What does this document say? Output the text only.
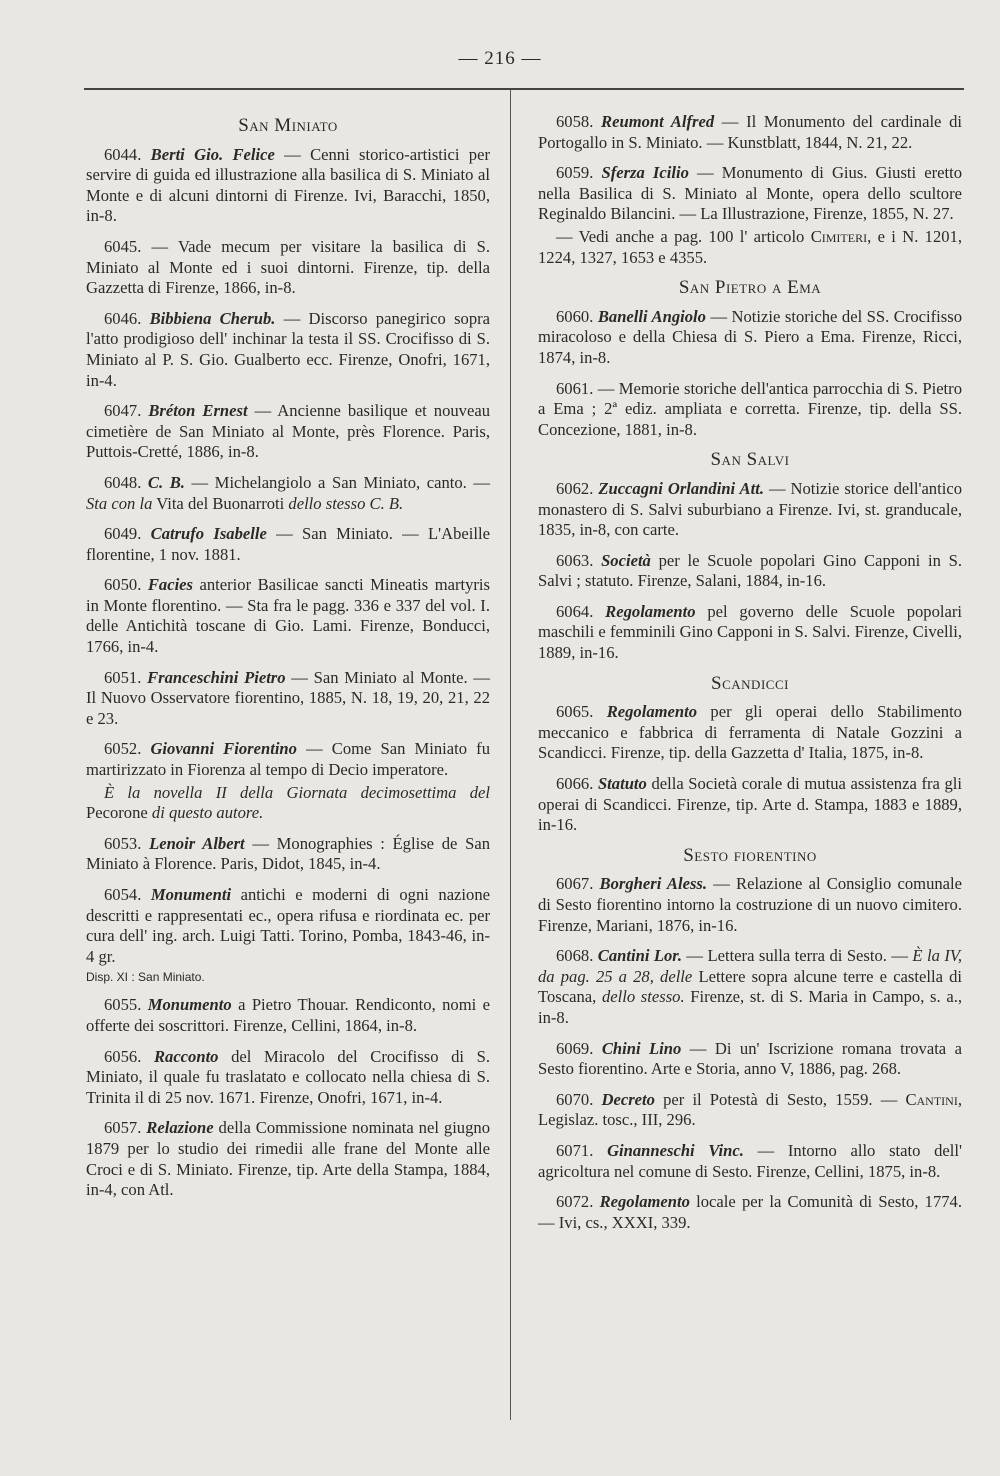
— 216 —
San Miniato

6044. Berti Gio. Felice — Cenni storico-artistici per servire di guida ed illustrazione alla basilica di S. Miniato al Monte e di alcuni dintorni di Firenze. Ivi, Baracchi, 1850, in-8.

6045. — Vade mecum per visitare la basilica di S. Miniato al Monte ed i suoi dintorni. Firenze, tip. della Gazzetta di Firenze, 1866, in-8.

6046. Bibbiena Cherub. — Discorso panegirico sopra l'atto prodigioso dell' inchinar la testa il SS. Crocifisso di S. Miniato al P. S. Gio. Gualberto ecc. Firenze, Onofri, 1671, in-4.

6047. Bréton Ernest — Ancienne basilique et nouveau cimetière de San Miniato al Monte, près Florence. Paris, Puttois-Cretté, 1886, in-8.

6048. C. B. — Michelangiolo a San Miniato, canto. — Sta con la Vita del Buonarroti dello stesso C. B.

6049. Catrufo Isabelle — San Miniato. — L'Abeille florentine, 1 nov. 1881.

6050. Facies anterior Basilicae sancti Mineatis martyris in Monte florentino. — Sta fra le pagg. 336 e 337 del vol. I. delle Antichità toscane di Gio. Lami. Firenze, Bonducci, 1766, in-4.

6051. Franceschini Pietro — San Miniato al Monte. — Il Nuovo Osservatore fiorentino, 1885, N. 18, 19, 20, 21, 22 e 23.

6052. Giovanni Fiorentino — Come San Miniato fu martirizzato in Fiorenza al tempo di Decio imperatore.

È la novella II della Giornata decimosettima del Pecorone di questo autore.

6053. Lenoir Albert — Monographies : Église de San Miniato à Florence. Paris, Didot, 1845, in-4.

6054. Monumenti antichi e moderni di ogni nazione descritti e rappresentati ec., opera rifusa e riordinata ec. per cura dell' ing. arch. Luigi Tatti. Torino, Pomba, 1843-46, in-4 gr.

Disp. XI : San Miniato.

6055. Monumento a Pietro Thouar. Rendiconto, nomi e offerte dei soscrittori. Firenze, Cellini, 1864, in-8.

6056. Racconto del Miracolo del Crocifisso di S. Miniato, il quale fu traslatato e collocato nella chiesa di S. Trinita il di 25 nov. 1671. Firenze, Onofri, 1671, in-4.

6057. Relazione della Commissione nominata nel giugno 1879 per lo studio dei rimedii alle frane del Monte alle Croci e di S. Miniato. Firenze, tip. Arte della Stampa, 1884, in-4, con Atl.

6058. Reumont Alfred — Il Monumento del cardinale di Portogallo in S. Miniato. — Kunstblatt, 1844, N. 21, 22.

6059. Sferza Icilio — Monumento di Gius. Giusti eretto nella Basilica di S. Miniato al Monte, opera dello scultore Reginaldo Bilancini. — La Illustrazione, Firenze, 1855, N. 27.

— Vedi anche a pag. 100 l' articolo Cimiteri, e i N. 1201, 1224, 1327, 1653 e 4355.

San Pietro a Ema

6060. Banelli Angiolo — Notizie storiche del SS. Crocifisso miracoloso e della Chiesa di S. Piero a Ema. Firenze, Ricci, 1874, in-8.

6061. — Memorie storiche dell'antica parrocchia di S. Pietro a Ema ; 2ª ediz. ampliata e corretta. Firenze, tip. della SS. Concezione, 1881, in-8.

San Salvi

6062. Zuccagni Orlandini Att. — Notizie storice dell'antico monastero di S. Salvi suburbiano a Firenze. Ivi, st. granducale, 1835, in-8, con carte.

6063. Società per le Scuole popolari Gino Capponi in S. Salvi ; statuto. Firenze, Salani, 1884, in-16.

6064. Regolamento pel governo delle Scuole popolari maschili e femminili Gino Capponi in S. Salvi. Firenze, Civelli, 1889, in-16.

Scandicci

6065. Regolamento per gli operai dello Stabilimento meccanico e fabbrica di ferramenta di Natale Gozzini a Scandicci. Firenze, tip. della Gazzetta d' Italia, 1875, in-8.

6066. Statuto della Società corale di mutua assistenza fra gli operai di Scandicci. Firenze, tip. Arte d. Stampa, 1883 e 1889, in-16.

Sesto fiorentino

6067. Borgheri Aless. — Relazione al Consiglio comunale di Sesto fiorentino intorno la costruzione di un nuovo cimitero. Firenze, Mariani, 1876, in-16.

6068. Cantini Lor. — Lettera sulla terra di Sesto. — È la IV, da pag. 25 a 28, delle Lettere sopra alcune terre e castella di Toscana, dello stesso. Firenze, st. di S. Maria in Campo, s. a., in-8.

6069. Chini Lino — Di un' Iscrizione romana trovata a Sesto fiorentino. Arte e Storia, anno V, 1886, pag. 268.

6070. Decreto per il Potestà di Sesto, 1559. — Cantini, Legislaz. tosc., III, 296.

6071. Ginanneschi Vinc. — Intorno allo stato dell' agricoltura nel comune di Sesto. Firenze, Cellini, 1875, in-8.

6072. Regolamento locale per la Comunità di Sesto, 1774. — Ivi, cs., XXXI, 339.
